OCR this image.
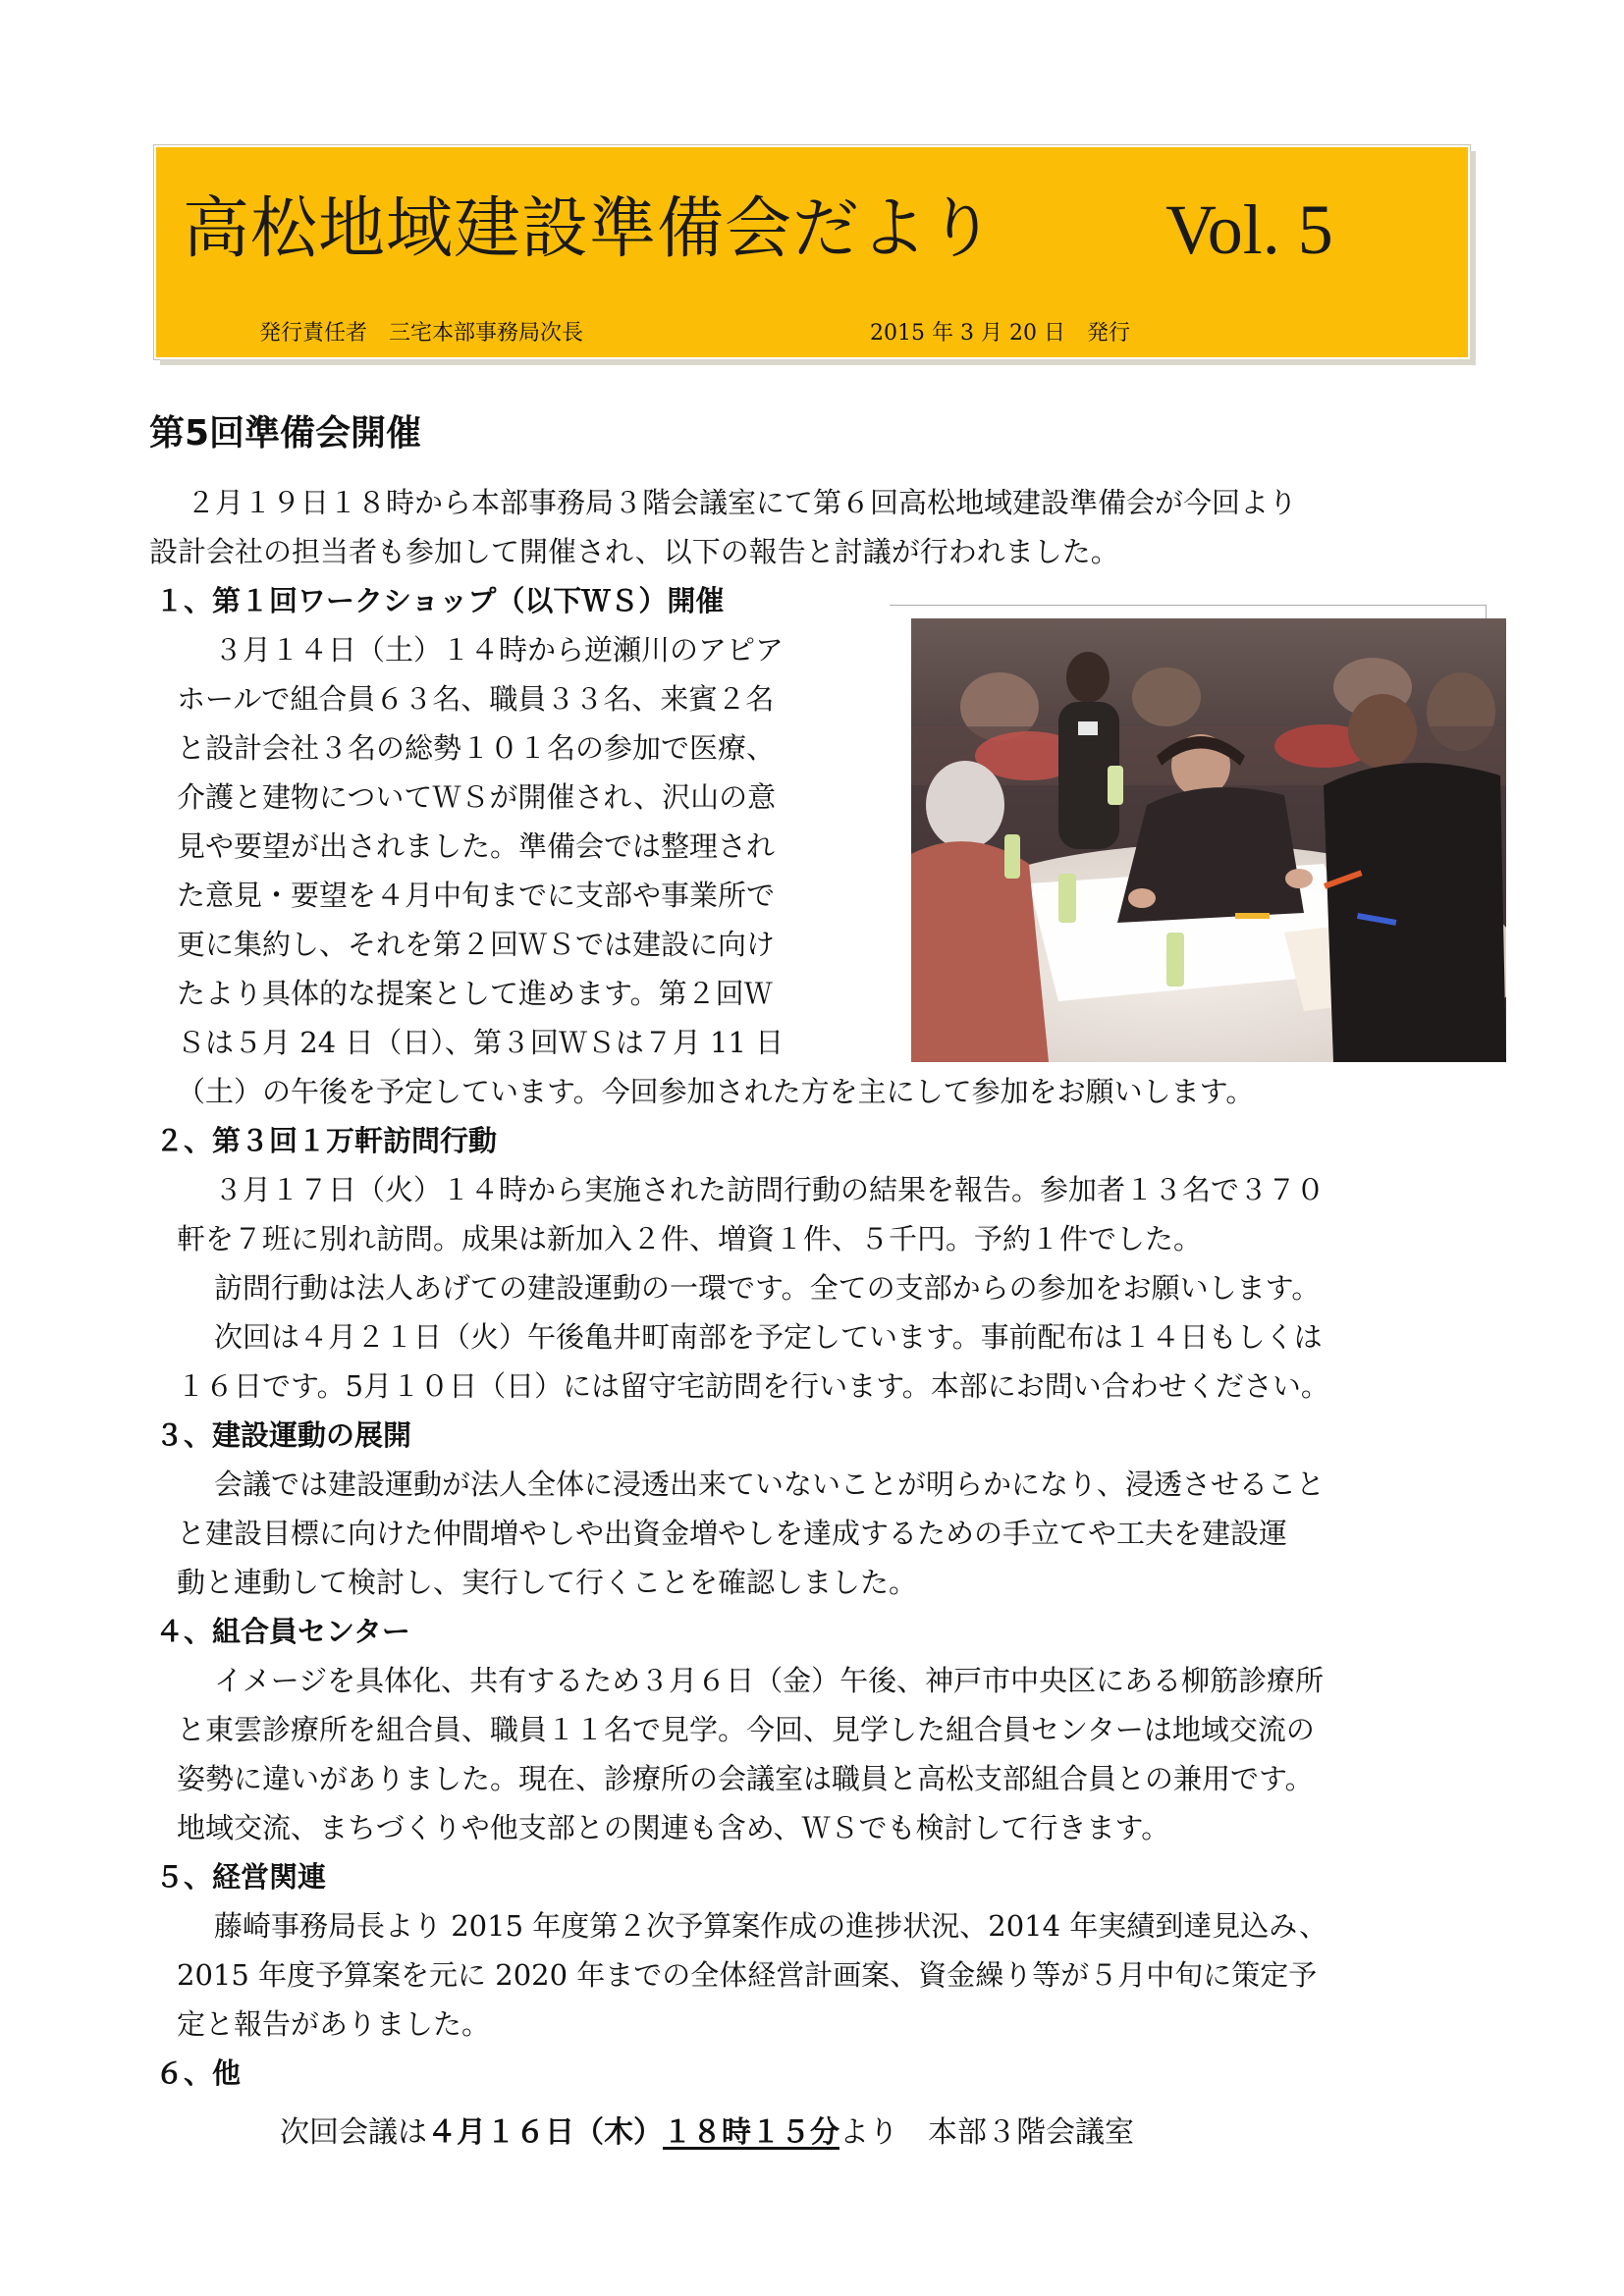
高松地域建設準備会だより Vol. 5
発行責任者　三宅本部事務局次長	2015 年 3 月 20 日　発行
第5回準備会開催
２月１９日１８時から本部事務局３階会議室にて第６回高松地域建設準備会が今回より
設計会社の担当者も参加して開催され、以下の報告と討議が行われました。
１、第１回ワークショップ（以下ＷＳ）開催
３月１４日（土）１４時から逆瀬川のアピア
ホールで組合員６３名、職員３３名、来賓２名
と設計会社３名の総勢１０１名の参加で医療、
介護と建物についてＷＳが開催され、沢山の意
見や要望が出されました。準備会では整理され
た意見・要望を４月中旬までに支部や事業所で
更に集約し、それを第２回ＷＳでは建設に向け
たより具体的な提案として進めます。第２回Ｗ
Ｓは５月 24 日（日）、第３回ＷＳは７月 11 日
（土）の午後を予定しています。今回参加された方を主にして参加をお願いします。
２、第３回１万軒訪問行動
３月１７日（火）１４時から実施された訪問行動の結果を報告。参加者１３名で３７０
軒を７班に別れ訪問。成果は新加入２件、増資１件、５千円。予約１件でした。
訪問行動は法人あげての建設運動の一環です。全ての支部からの参加をお願いします。
次回は４月２１日（火）午後亀井町南部を予定しています。事前配布は１４日もしくは
１６日です。5月１０日（日）には留守宅訪問を行います。本部にお問い合わせください。
３、建設運動の展開
会議では建設運動が法人全体に浸透出来ていないことが明らかになり、浸透させること
と建設目標に向けた仲間増やしや出資金増やしを達成するための手立てや工夫を建設運
動と連動して検討し、実行して行くことを確認しました。
４、組合員センター
イメージを具体化、共有するため３月６日（金）午後、神戸市中央区にある柳筋診療所
と東雲診療所を組合員、職員１１名で見学。今回、見学した組合員センターは地域交流の
姿勢に違いがありました。現在、診療所の会議室は職員と高松支部組合員との兼用です。
地域交流、まちづくりや他支部との関連も含め、ＷＳでも検討して行きます。
５、経営関連
藤崎事務局長より 2015 年度第２次予算案作成の進捗状況、2014 年実績到達見込み、
2015 年度予算案を元に 2020 年までの全体経営計画案、資金繰り等が５月中旬に策定予
定と報告がありました。
６、他
次回会議は４月１６日（木）１８時１５分より　本部３階会議室
